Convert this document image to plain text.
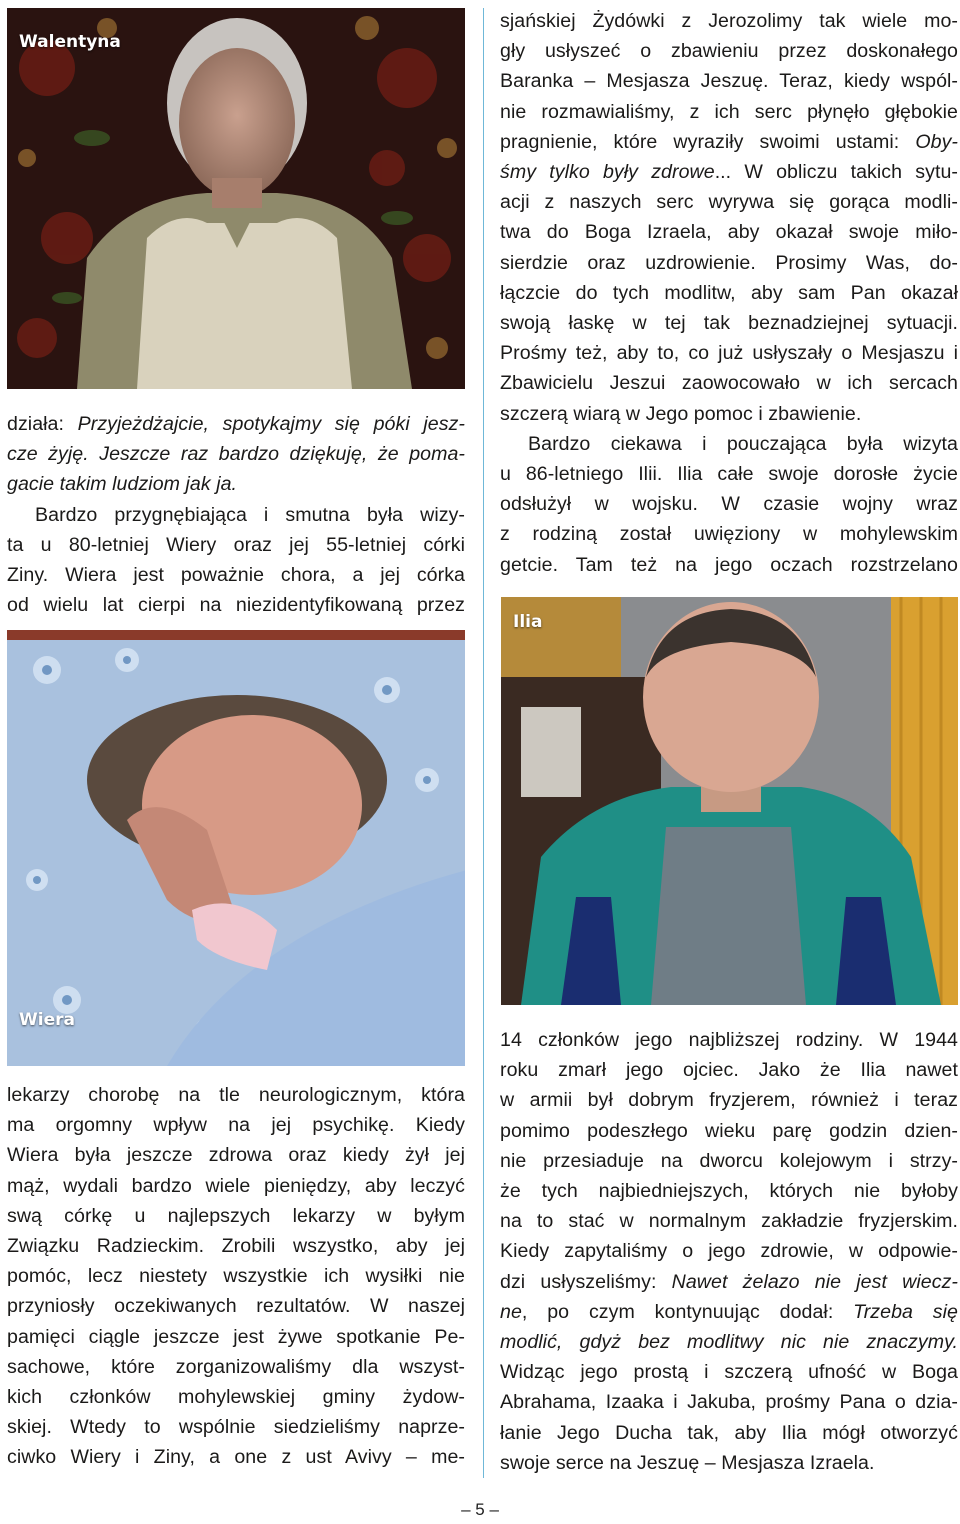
Walentyna
działa: Przyjeżdżajcie, spotykajmy się póki jesz-
cze żyję. Jeszcze raz bardzo dziękuję, że poma-
gacie takim ludziom jak ja.
Bardzo przygnębiająca i smutna była wizy-
ta u 80-letniej Wiery oraz jej 55-letniej córki
Ziny. Wiera jest poważnie chora, a jej córka
od wielu lat cierpi na niezidentyfikowaną przez
Wiera
lekarzy chorobę na tle neurologicznym, która
ma orgomny wpływ na jej psychikę. Kiedy
Wiera była jeszcze zdrowa oraz kiedy żył jej
mąż, wydali bardzo wiele pieniędzy, aby leczyć
swą córkę u najlepszych lekarzy w byłym
Związku Radzieckim. Zrobili wszystko, aby jej
pomóc, lecz niestety wszystkie ich wysiłki nie
przyniosły oczekiwanych rezultatów. W naszej
pamięci ciągle jeszcze jest żywe spotkanie Pe-
sachowe, które zorganizowaliśmy dla wszyst-
kich członków mohylewskiej gminy żydow-
skiej. Wtedy to wspólnie siedzieliśmy naprze-
ciwko Wiery i Ziny, a one z ust Avivy – me-
sjańskiej Żydówki z Jerozolimy tak wiele mo-
gły usłyszeć o zbawieniu przez doskonałego
Baranka – Mesjasza Jeszuę. Teraz, kiedy wspól-
nie rozmawialiśmy, z ich serc płynęło głębokie
pragnienie, które wyraziły swoimi ustami: Oby-
śmy tylko były zdrowe... W obliczu takich sytu-
acji z naszych serc wyrywa się gorąca modli-
twa do Boga Izraela, aby okazał swoje miło-
sierdzie oraz uzdrowienie. Prosimy Was, do-
łączcie do tych modlitw, aby sam Pan okazał
swoją łaskę w tej tak beznadziejnej sytuacji.
Prośmy też, aby to, co już usłyszały o Mesjaszu i
Zbawicielu Jeszui zaowocowało w ich sercach
szczerą wiarą w Jego pomoc i zbawienie.
Bardzo ciekawa i pouczająca była wizyta
u 86-letniego Ilii. Ilia całe swoje dorosłe życie
odsłużył w wojsku. W czasie wojny wraz
z rodziną został uwięziony w mohylewskim
getcie. Tam też na jego oczach rozstrzelano
Ilia
14 członków jego najbliższej rodziny. W 1944
roku zmarł jego ojciec. Jako że Ilia nawet
w armii był dobrym fryzjerem, również i teraz
pomimo podeszłego wieku parę godzin dzien-
nie przesiaduje na dworcu kolejowym i strzy-
że tych najbiedniejszych, których nie byłoby
na to stać w normalnym zakładzie fryzjerskim.
Kiedy zapytaliśmy o jego zdrowie, w odpowie-
dzi usłyszeliśmy: Nawet żelazo nie jest wiecz-
ne, po czym kontynuując dodał: Trzeba się
modlić, gdyż bez modlitwy nic nie znaczymy.
Widząc jego prostą i szczerą ufność w Boga
Abrahama, Izaaka i Jakuba, prośmy Pana o dzia-
łanie Jego Ducha tak, aby Ilia mógł otworzyć
swoje serce na Jeszuę – Mesjasza Izraela.
– 5 –
